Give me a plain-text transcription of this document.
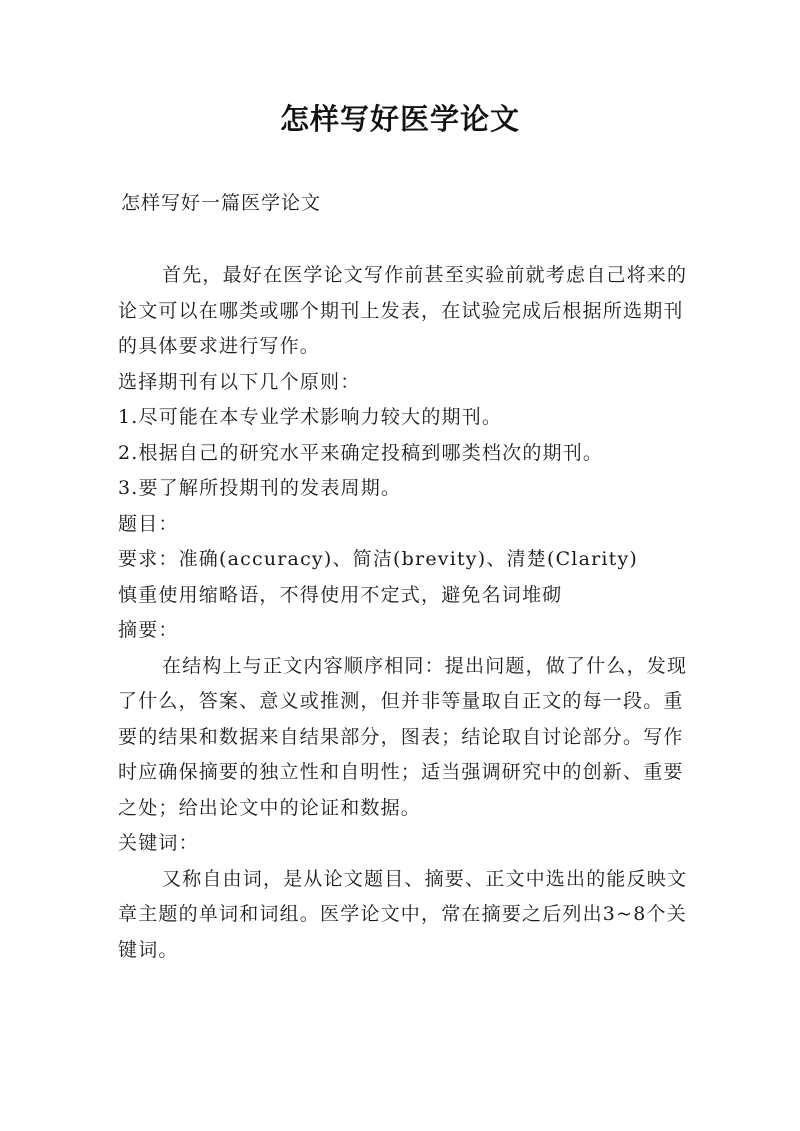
怎样写好医学论文
怎样写好一篇医学论文

首先，最好在医学论文写作前甚至实验前就考虑自己将来的论文可以在哪类或哪个期刊上发表，在试验完成后根据所选期刊的具体要求进行写作。

选择期刊有以下几个原则：

1.尽可能在本专业学术影响力较大的期刊。

2.根据自己的研究水平来确定投稿到哪类档次的期刊。

3.要了解所投期刊的发表周期。

题目：

要求：准确(accuracy)、简洁(brevity)、清楚(Clarity)

慎重使用缩略语，不得使用不定式，避免名词堆砌

摘要：

在结构上与正文内容顺序相同：提出问题，做了什么，发现了什么，答案、意义或推测，但并非等量取自正文的每一段。重要的结果和数据来自结果部分，图表；结论取自讨论部分。写作时应确保摘要的独立性和自明性；适当强调研究中的创新、重要之处；给出论文中的论证和数据。

关键词：

又称自由词，是从论文题目、摘要、正文中选出的能反映文章主题的单词和词组。医学论文中，常在摘要之后列出3~8个关键词。
